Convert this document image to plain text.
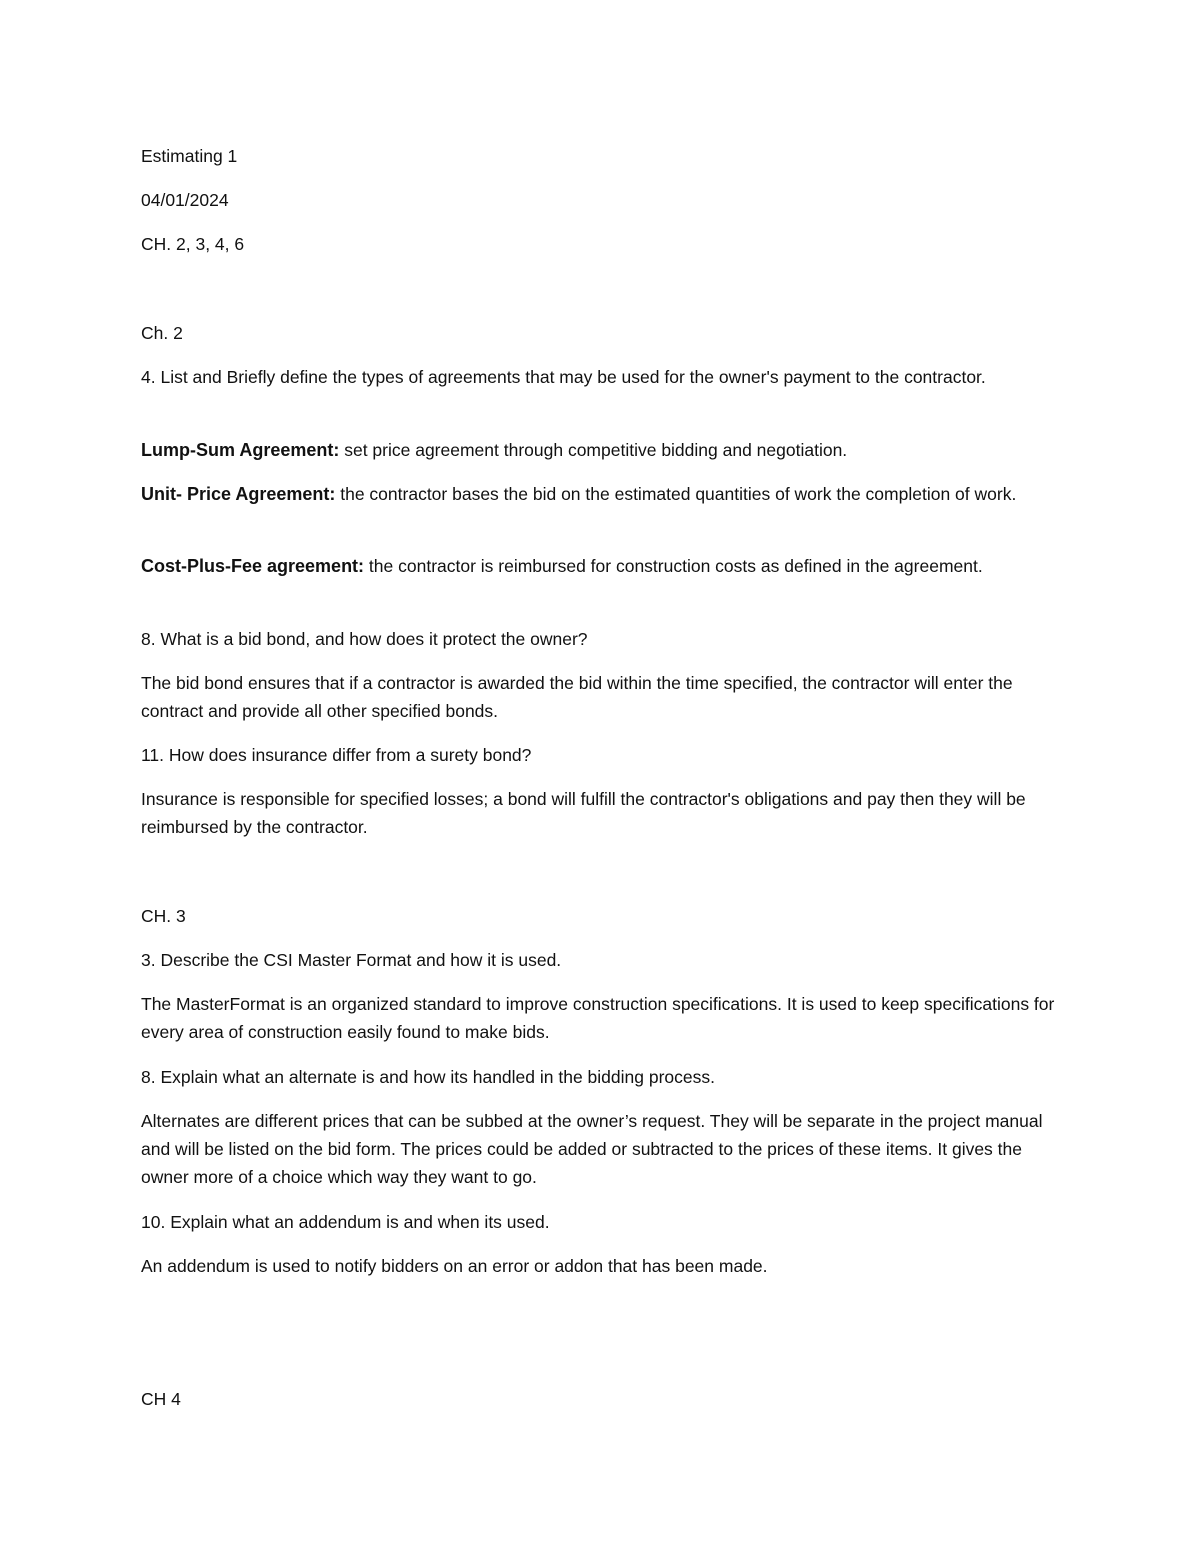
Estimating 1

04/01/2024

CH. 2, 3, 4, 6

Ch. 2

4. List and Briefly define the types of agreements that may be used for the owner's payment to the contractor.

Lump-Sum Agreement: set price agreement through competitive bidding and negotiation.

Unit- Price Agreement: the contractor bases the bid on the estimated quantities of work the completion of work.

Cost-Plus-Fee agreement: the contractor is reimbursed for construction costs as defined in the agreement.

8. What is a bid bond, and how does it protect the owner?

The bid bond ensures that if a contractor is awarded the bid within the time specified, the contractor will enter the contract and provide all other specified bonds.

11. How does insurance differ from a surety bond?

Insurance is responsible for specified losses; a bond will fulfill the contractor's obligations and pay then they will be reimbursed by the contractor.

CH. 3

3. Describe the CSI Master Format and how it is used.

The MasterFormat is an organized standard to improve construction specifications. It is used to keep specifications for every area of construction easily found to make bids.

8. Explain what an alternate is and how its handled in the bidding process.

Alternates are different prices that can be subbed at the owner’s request. They will be separate in the project manual and will be listed on the bid form. The prices could be added or subtracted to the prices of these items. It gives the owner more of a choice which way they want to go.

10. Explain what an addendum is and when its used.

An addendum is used to notify bidders on an error or addon that has been made.

CH 4
